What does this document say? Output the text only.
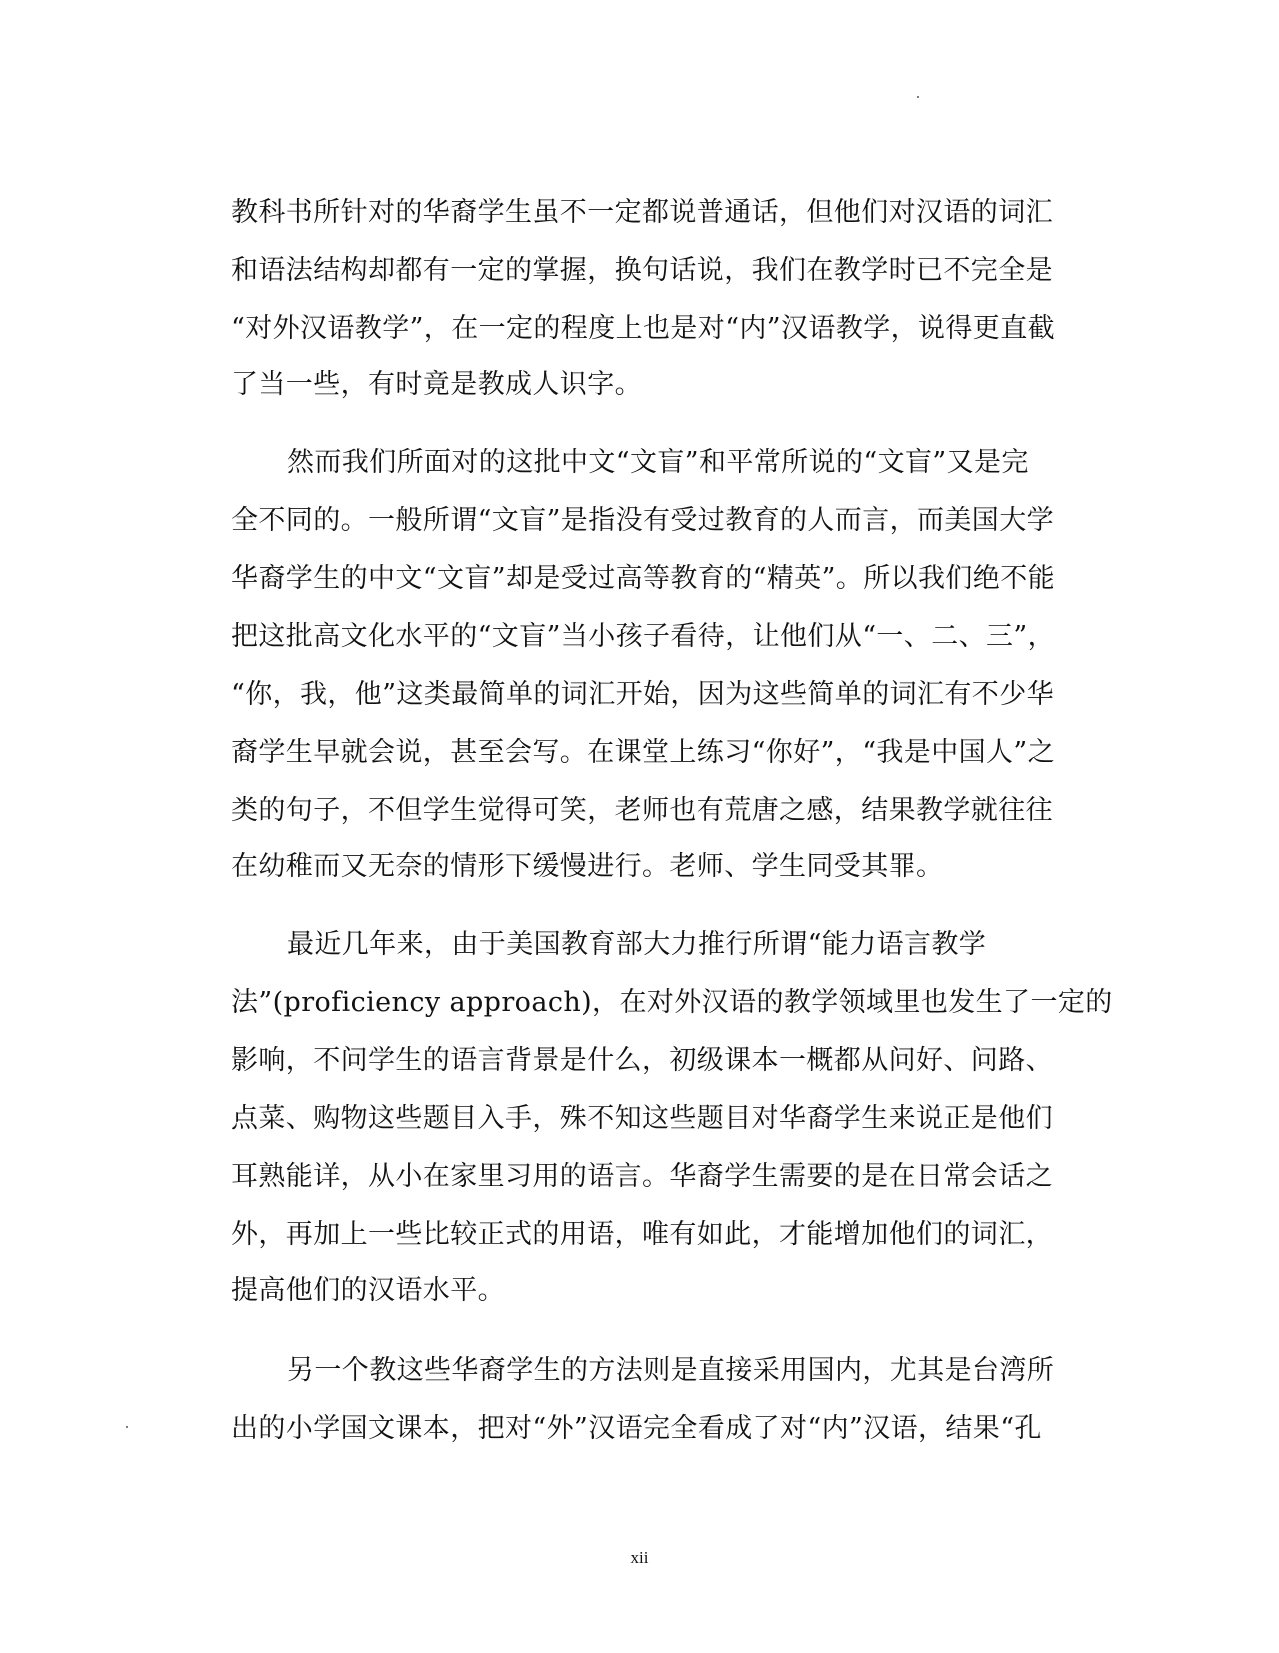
教科书所针对的华裔学生虽不一定都说普通话，但他们对汉语的词汇
和语法结构却都有一定的掌握，换句话说，我们在教学时已不完全是
“对外汉语教学”，在一定的程度上也是对“内”汉语教学，说得更直截
了当一些，有时竟是教成人识字。
然而我们所面对的这批中文“文盲”和平常所说的“文盲”又是完
全不同的。一般所谓“文盲”是指没有受过教育的人而言，而美国大学
华裔学生的中文“文盲”却是受过高等教育的“精英”。所以我们绝不能
把这批高文化水平的“文盲”当小孩子看待，让他们从“一、二、三”，
“你，我，他”这类最简单的词汇开始，因为这些简单的词汇有不少华
裔学生早就会说，甚至会写。在课堂上练习“你好”，“我是中国人”之
类的句子，不但学生觉得可笑，老师也有荒唐之感，结果教学就往往
在幼稚而又无奈的情形下缓慢进行。老师、学生同受其罪。
最近几年来，由于美国教育部大力推行所谓“能力语言教学
法”(proficiency approach)，在对外汉语的教学领域里也发生了一定的
影响，不问学生的语言背景是什么，初级课本一概都从问好、问路、
点菜、购物这些题目入手，殊不知这些题目对华裔学生来说正是他们
耳熟能详，从小在家里习用的语言。华裔学生需要的是在日常会话之
外，再加上一些比较正式的用语，唯有如此，才能增加他们的词汇，
提高他们的汉语水平。
另一个教这些华裔学生的方法则是直接采用国内，尤其是台湾所
出的小学国文课本，把对“外”汉语完全看成了对“内”汉语，结果“孔
xii
